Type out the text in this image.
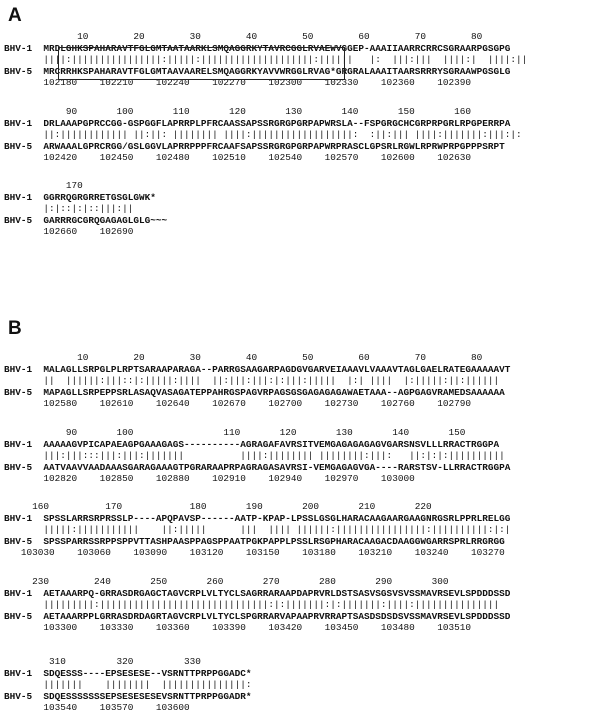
A
B
10        20        30        40        50        60        70        80
BHV-1  MRDLGHKSPAHARAVTFGLGMTAATAARKLSMQAGGRKYTAVRCGGLRVAEWVGGEP-AAAIIAARRCRRCSGRAARPGSGPG
||||:||||||||||||||||:|||||:||||||||||||||||||||:||||||   |:  |||:|||  ||||:|  ||||:||
BHV-5  MRCRRHKSPAHARAVTFGLGMTAAVAARELSMQAGGRKYAVVWRGGLRVAG*GRGRALAAAITAARSRRRYSGRAAWPGSGLG
102180    102210    102240    102270    102300    102330    102360    102390
90       100       110       120       130       140       150       160
BHV-1  DRLAAAPGPRCCGG-GSPGGFLAPRRPLPFRCAASSAPSSRGRGPGRPAPWRSLA--FSPGRGCHCGRPRPGRLRPGPERRPA
||:|||||||||||| ||:||: |||||||| ||||:||||||||||||||||||:  :||:||| ||||:|||||||:|||:|:
BHV-5  ARWAAALGPRCRGG/GSLGGVLAPRRPPPFRCAAFSAPSSRGRGPGRPAPWRPRASCLGPSRLRGWLRPRWPRPGPPPSRPT
102420    102450    102480    102510    102540    102570    102600    102630
170
BHV-1  GGRRQGRGRRETGSGLGWK*
|:|::|:|::|||:||
BHV-5  GARRRGCGRQGAGAGLGLG~~~
102660    102690
10        20        30        40        50        60        70        80
BHV-1  MALAGLLSRPGLPLRPTSARAAPARAGA--PARRGSAAGARPAGDGVGARVEIAAAVLVAAAVTAGLGAELRATEGAAAAAVT
||  ||||||:|||::|:|||||:||||  ||:|||:|||:|:|||:|||||  |:| ||||  |:|||||:||:||||||
BHV-5  MAPAGLLSRPEPPSRLASAQVASAGATEPPAHRGSPAGVRPAGSGSGAGAGAGAWAETAAA--AGPGAGVRAMEDSAAAAAA
102580    102610    102640    102670    102700    102730    102760    102790
90       100                110       120       130       140       150
BHV-1  AAAAAGVPICAPAEAGPGAAAGAGS----------AGRAGAFAVRSITVEMGAGAGAGAGVGARSNSVLLLRRACTRGGPA
|||:|||:::|||:|||:|||||||          ||||:|||||||| ||||||||:|||:   ||:|:|:||||||||||
BHV-5  AATVAAVVAADAAASGARAGAAAGTPGRARAAPRPAGRAGASAVRSI-VEMGAGAGVGA----RARSTSV-LLRRACTRGGPA
102820    102850    102880    102910    102940    102970    103000
160          170            180       190       200       210       220
BHV-1  SPSSLARRSRPRSSLP----APQPAVSP------AATP-KPAP-LPSSLGSGLHARACAAGAARGAAGNRGSRLPPRLRELGG
|||||:|||||||||||    ||:|||||      |||  |||| ||||||:||||||||||||||||:||||||||||:|:|
BHV-5  SPSSPARRSSRPPSPPVTTASHPAASPPAGSPPAATPGKPAPPLPSSLRSGPHARACAAGACDAAGGWGARRSPRLRRGRGG
103030    103060    103090    103120    103150    103180    103210    103240    103270
230        240       250       260       270       280       290       300
BHV-1  AETAAARPQ-GRRASDRGAGCTAGVCRPLVLTYCLSAGRRARAAPDAPRVRLDSTSASVSGSVSVSSMAVRSEVLSPDDDSSD
|||||||||:||||||||||||||||||||||||||||||:|:|||||||:|:|||||||:||||:|||||||||||||||
BHV-5  AETAAARPPLGRRASDRDAGRTAGVCRPLVLTYCLSPGRRARVAPAAPRVRRAPTSASDSDSDSVSSMAVRSEVLSPDDDSSD
103300    103330    103360    103390    103420    103450    103480    103510
310         320         330
BHV-1  SDQESSS----EPSESESE--VSRNTTPRPPGGADC*
|||||||    ||||||||  |||||||||||||||:
BHV-5  SDQESSSSSSSEPSESESESEVSRNTTPRPPGGADR*
103540    103570    103600
